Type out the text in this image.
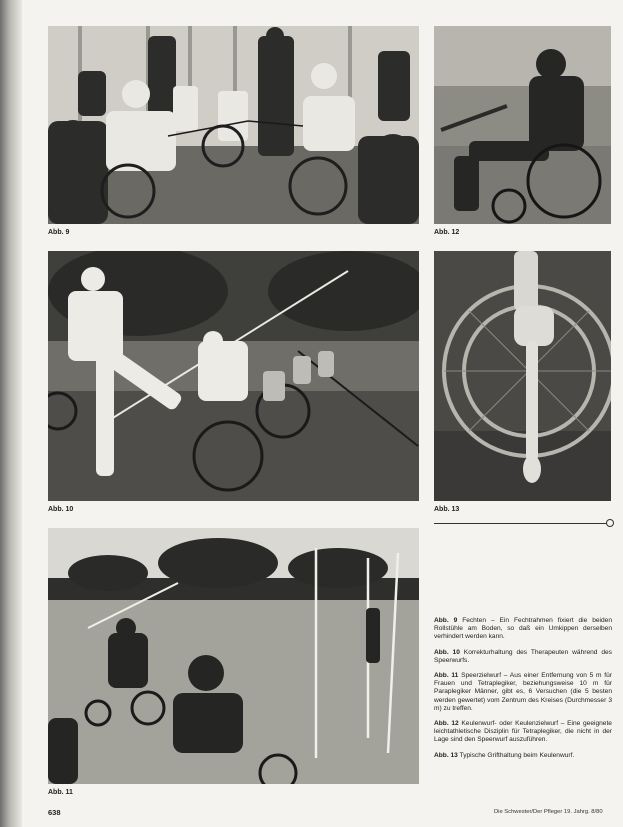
Abb. 9	Abb. 12
Abb. 10	Abb. 13
Abb. 11

Abb. 9 Fechten – Ein Fechtrahmen fixiert die beiden Rollstühle am Boden, so daß ein Umkippen derselben verhindert werden kann.

Abb. 10 Korrekturhaltung des Therapeuten während des Speerwurfs.

Abb. 11 Speerzielwurf – Aus einer Entfernung von 5 m für Frauen und Tetraplegiker, beziehungsweise 10 m für Paraplegiker Männer, gibt es, 6 Versuchen (die 5 besten werden gewertet) vom Zentrum des Kreises (Durchmesser 3 m) zu treffen.

Abb. 12 Keulenwurf- oder Keulenzielwurf – Eine geeignete leichtathletische Disziplin für Tetraplegiker, die nicht in der Lage sind den Speerwurf auszuführen.

Abb. 13 Typische Grifthaltung beim Keulenwurf.

638	Die Schwester/Der Pfleger 19. Jahrg. 8/80
